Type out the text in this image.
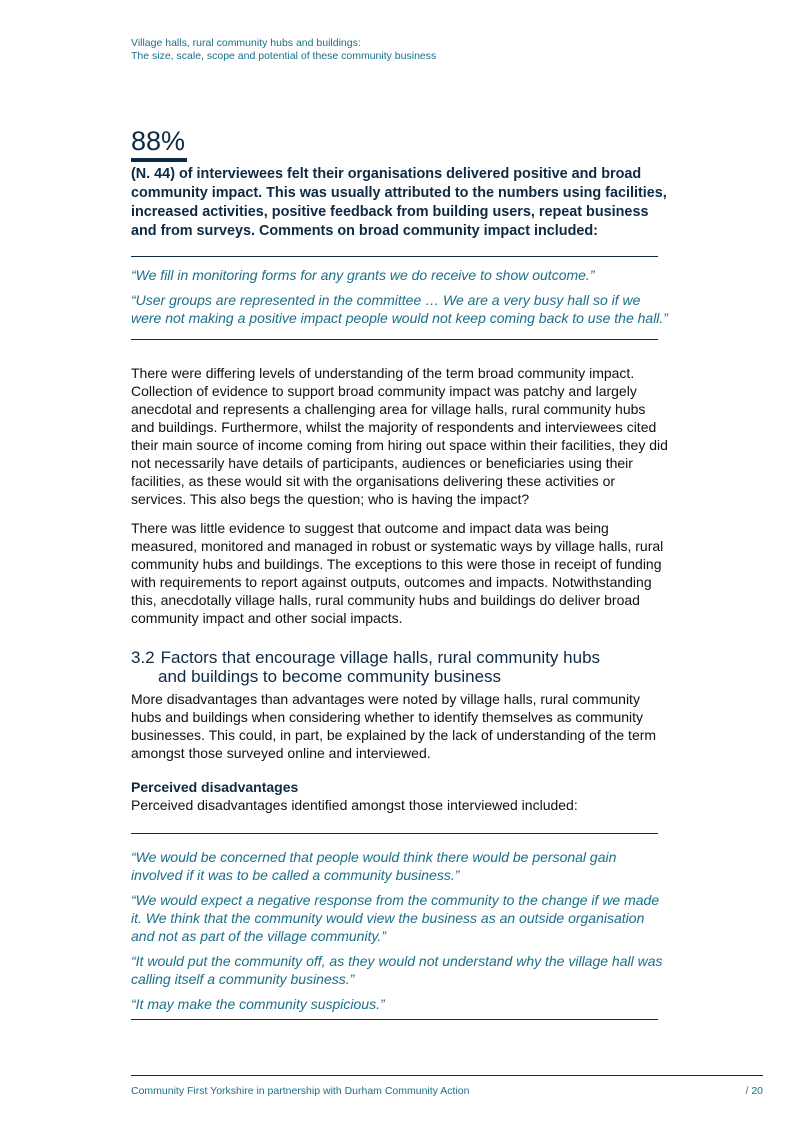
Village halls, rural community hubs and buildings:
The size, scale, scope and potential of these community business
88%
(N. 44) of interviewees felt their organisations delivered positive and broad community impact. This was usually attributed to the numbers using facilities, increased activities, positive feedback from building users, repeat business and from surveys. Comments on broad community impact included:

“We fill in monitoring forms for any grants we do receive to show outcome.”

“User groups are represented in the committee … We are a very busy hall so if we were not making a positive impact people would not keep coming back to use the hall.”

There were differing levels of understanding of the term broad community impact. Collection of evidence to support broad community impact was patchy and largely anecdotal and represents a challenging area for village halls, rural community hubs and buildings. Furthermore, whilst the majority of respondents and interviewees cited their main source of income coming from hiring out space within their facilities, they did not necessarily have details of participants, audiences or beneficiaries using their facilities, as these would sit with the organisations delivering these activities or services. This also begs the question; who is having the impact?

There was little evidence to suggest that outcome and impact data was being measured, monitored and managed in robust or systematic ways by village halls, rural community hubs and buildings. The exceptions to this were those in receipt of funding with requirements to report against outputs, outcomes and impacts. Notwithstanding this, anecdotally village halls, rural community hubs and buildings do deliver broad community impact and other social impacts.

3.2 Factors that encourage village halls, rural community hubs
and buildings to become community business

More disadvantages than advantages were noted by village halls, rural community hubs and buildings when considering whether to identify themselves as community businesses. This could, in part, be explained by the lack of understanding of the term amongst those surveyed online and interviewed.

Perceived disadvantages

Perceived disadvantages identified amongst those interviewed included:

“We would be concerned that people would think there would be personal gain involved if it was to be called a community business.”

“We would expect a negative response from the community to the change if we made it. We think that the community would view the business as an outside organisation and not as part of the village community.”

“It would put the community off, as they would not understand why the village hall was calling itself a community business.”

“It may make the community suspicious.”

Community First Yorkshire in partnership with Durham Community Action	/ 20
